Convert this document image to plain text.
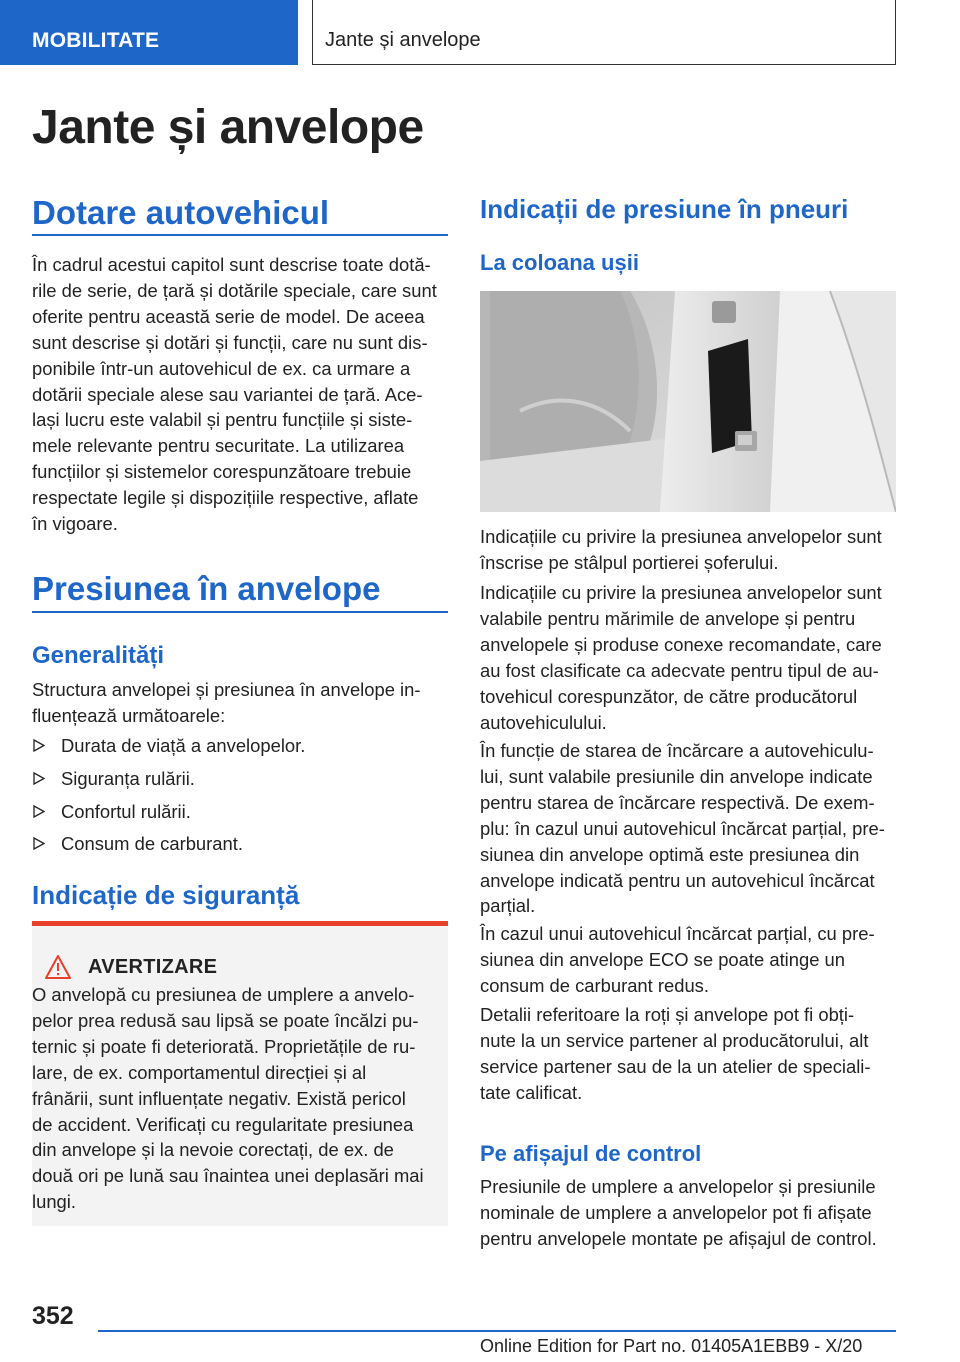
MOBILITATE	Jante și anvelope
Jante și anvelope
Dotare autovehicul
În cadrul acestui capitol sunt descrise toate dotă-
rile de serie, de țară și dotările speciale, care sunt
oferite pentru această serie de model. De aceea
sunt descrise și dotări și funcții, care nu sunt dis-
ponibile într-un autovehicul de ex. ca urmare a
dotării speciale alese sau variantei de țară. Ace-
lași lucru este valabil și pentru funcțiile și siste-
mele relevante pentru securitate. La utilizarea
funcțiilor și sistemelor corespunzătoare trebuie
respectate legile și dispozițiile respective, aflate
în vigoare.
Presiunea în anvelope
Generalități
Structura anvelopei și presiunea în anvelope in-
fluențează următoarele:
Durata de viață a anvelopelor.
Siguranța rulării.
Confortul rulării.
Consum de carburant.
Indicație de siguranță
AVERTIZARE
O anvelopă cu presiunea de umplere a anvelo-
pelor prea redusă sau lipsă se poate încălzi pu-
ternic și poate fi deteriorată. Proprietățile de ru-
lare, de ex. comportamentul direcției și al
frânării, sunt influențate negativ. Există pericol
de accident. Verificați cu regularitate presiunea
din anvelope și la nevoie corectați, de ex. de
două ori pe lună sau înaintea unei deplasări mai
lungi.
Indicații de presiune în pneuri
La coloana ușii
Indicațiile cu privire la presiunea anvelopelor sunt
înscrise pe stâlpul portierei șoferului.
Indicațiile cu privire la presiunea anvelopelor sunt
valabile pentru mărimile de anvelope și pentru
anvelopele și produse conexe recomandate, care
au fost clasificate ca adecvate pentru tipul de au-
tovehicul corespunzător, de către producătorul
autovehiculului.
În funcție de starea de încărcare a autovehiculu-
lui, sunt valabile presiunile din anvelope indicate
pentru starea de încărcare respectivă. De exem-
plu: în cazul unui autovehicul încărcat parțial, pre-
siunea din anvelope optimă este presiunea din
anvelope indicată pentru un autovehicul încărcat
parțial.
În cazul unui autovehicul încărcat parțial, cu pre-
siunea din anvelope ECO se poate atinge un
consum de carburant redus.
Detalii referitoare la roți și anvelope pot fi obți-
nute la un service partener al producătorului, alt
service partener sau de la un atelier de speciali-
tate calificat.
Pe afișajul de control
Presiunile de umplere a anvelopelor și presiunile
nominale de umplere a anvelopelor pot fi afișate
pentru anvelopele montate pe afișajul de control.
352
Online Edition for Part no. 01405A1EBB9 - X/20
